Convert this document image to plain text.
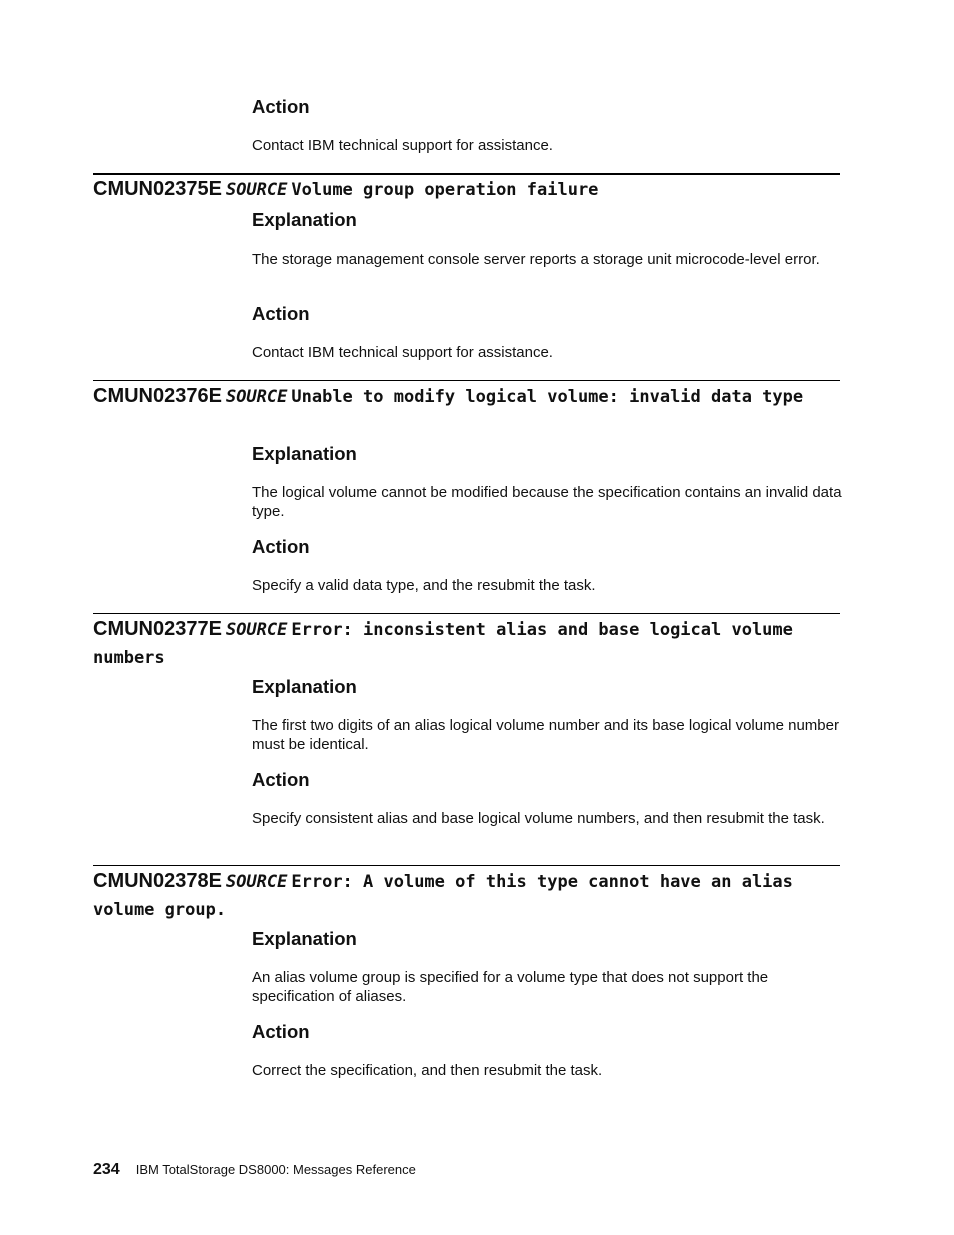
Action

Contact IBM technical support for assistance.

CMUN02375E SOURCE Volume group operation failure
Explanation

The storage management console server reports a storage unit microcode-level error.

Action

Contact IBM technical support for assistance.

CMUN02376E SOURCE Unable to modify logical volume: invalid data type
Explanation

The logical volume cannot be modified because the specification contains an invalid data type.

Action

Specify a valid data type, and the resubmit the task.

CMUN02377E SOURCE Error: inconsistent alias and base logical volume numbers
Explanation

The first two digits of an alias logical volume number and its base logical volume number must be identical.

Action

Specify consistent alias and base logical volume numbers, and then resubmit the task.

CMUN02378E SOURCE Error: A volume of this type cannot have an alias volume group.
Explanation

An alias volume group is specified for a volume type that does not support the specification of aliases.

Action

Correct the specification, and then resubmit the task.

234 IBM TotalStorage DS8000: Messages Reference
